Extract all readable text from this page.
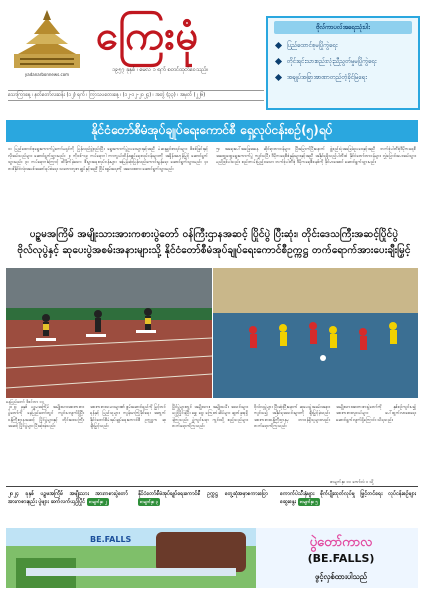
yadanarbonnews.com
ကြေးမုံ
၁၉၅၇ ခုနှစ် ၊ မေလ ၁ ရက် စတင်ထုတ်ဝေသည်။
သောကြာနေ့ ၊ နတ်တော်လဆန်း (၁၂) ရက် ၊ ကြာသပတေးနေ့ ၊ (၁၂-၁၂-၂၀၂၄) ၊ အတွဲ (၃၃) ၊ အမှတ် (၂၂၆)
ဗိုလ်ကာပလ်အရေးသုံးပါး
ပြည်ထောင်စုမပြိုကွဲရေး
တိုင်းရင်းသားစည်းလုံးညီညွတ်မှုမပြိုကွဲရေး
အချုပ်အခြာအာဏာတည်တံ့ခိုင်မြဲရေး
နိုင်ငံတော်စီမံအုပ်ချုပ်ရေးကောင်စီ ရှေ့လုပ်ငန်းစဉ်(၅)ရပ်
၁။ ပြည်ထောင်စုရွေးကောက်ပွဲကော်မရှင်ကို ပြန်လည်ဖွဲ့စည်းပြီး ရွေးကောက်ပွဲဥပဒေများနှင့်အညီ မဲဆန္ဒရှင်စာရင်းများ စိစစ်ခြင်းနှင့် လိုအပ်သည်များ ဆောင်ရွက်သွားမည်။ ၂။ ကိုဗစ်-၁၉ ကပ်ရောဂါ ကာကွယ်ထိန်းချုပ်ရေးလုပ်ငန်းများကို အရှိန်အဟုန်မြှင့် ဆောင်ရွက်သွားမည်။ ၃။ ကပ်ရောဂါကြောင့် ထိခိုက်ခဲ့သော စီးပွားရေးလုပ်ငန်းများ အမြန်ဆုံးပြန်လည်ကောင်းမွန်ရေး ဆောင်ရွက်သွားမည်။ ၄။ တစ်နိုင်ငံလုံးအပစ်အခတ်ရပ်စဲရေး သဘောတူစာချုပ်နှင့်အညီ ငြိမ်းချမ်းရေးကို အလေးထား ဆောင်ရွက်သွားမည်။
၅။ အရေးပေါ်အခြေအနေ ဆိုင်ရာတာဝန်များ ပြီးမြောက်ပြီးနောက် ဖွဲ့စည်းပုံအခြေခံဥပဒေနှင့်အညီ ဘက်စုံပါတီစုံဒီမိုကရေစီ အထွေထွေရွေးကောက်ပွဲ ကျင်းပပြီး ဒီမိုကရေစီစံနှုန်းများနှင့်အညီ အနိုင်ရရှိသည့်ပါတီထံ နိုင်ငံတော်တာဝန်များ လွှဲပြောင်းပေးအပ်သွားမည်ဖြစ်ပါသည်။ စည်းကမ်းပြည့်ဝသော ဘက်စုံပါတီစုံ ဒီမိုကရေစီစနစ်ကို ခိုင်မာအောင် ဆောင်ရွက်သွားမည်။
ပဉ္စမအကြိမ် အမျိုးသားအားကစားပွဲတော် ဝန်ကြီးဌာနအဆင့် ပြိုင်ပွဲ ပြီးဆုံး၊ တိုင်းဒေသကြီးအဆင့်ပြိုင်ပွဲ ဗိုလ်လုပွဲနှင့် ဆုပေးပွဲအစမ်းအနားများသို့ နိုင်ငံတော်စီမံအုပ်ချုပ်ရေးကောင်စီဥက္ကဋ္ဌ တက်ရောက်အားပေးချီးမြှင့်
နေပြည်တော် ဒီဇင်ဘာ ၁၁
၂၀၂၄ ခုနှစ် ပဉ္စမအကြိမ် အမျိုးသားအားကစားပွဲတော်ကို နေပြည်တော်တွင် ကျင်းပလျက်ရှိပြီး ဝန်ကြီးဌာနအဆင့် ပြိုင်ပွဲများနှင့် တိုင်းဒေသကြီးအဆင့် ပြိုင်ပွဲများ ပြီးဆုံးခဲ့သည်။
အားကစားသမားများ၏ စွမ်းဆောင်ရည်ကို မြှင့်တင်ရန်နှင့် ပြည်သူများ ကျန်းမာကြံ့ခိုင်ရေး အတွက် နိုင်ငံတော်စီမံအုပ်ချုပ်ရေးကောင်စီ ဥက္ကဋ္ဌက ဆုချီးမြှင့်သည်။
ပြိုင်ပွဲများတွင် အမျိုးသား၊ အမျိုးသမီး အသင်းများ ယှဉ်ပြိုင်ခဲ့ပြီး ရွှေ၊ ငွေ၊ ကြေးတံဆိပ်များ ဆွတ်ခူးရရှိခဲ့ကြသည်။ ပွဲကျင်းပရာ ကွင်းသို့ ဧည့်သည်များ တက်ရောက်ကြသည်။
ဗိုလ်လုပွဲများ ပြီးဆုံးပြီးနောက် ဆုပေးပွဲအခမ်းအနား ကျင်းပ၍ အနိုင်ရအသင်းများကို ချီးမြှင့်ခဲ့သည်။ အားကစားဝန်ကြီးဌာနမှ တာဝန်ရှိသူများလည်း တက်ရောက်ကြသည်။
အမျိုးသားအားကစားပွဲတော်ကို နှစ်စဉ်ကျင်းပ၍ အားကစားလူငယ်များ ပေါ်ထွက်လာစေရေး ဆောင်ရွက်လျက်ရှိကြောင်း သိရသည်။
စာမျက်နှာ ၁၁ ကော်လံ ၁ သို့
၂၀၂၄ ခုနှစ် ပဉ္စမအကြိမ် အမျိုးသား အားကစားပွဲတော် အားကစားနည်း ပွဲများ ဆက်လက်ယှဉ်ပြိုင် စာမျက်နှာ ၂
နိုင်ငံတော်စီမံအုပ်ချုပ်ရေးကောင်စီ ဥက္ကဋ္ဌ တွေ့ဆုံအမှာစကားပြော စာမျက်နှာ ၃
ကောက်ပဲသီးနှံများ စိုက်ပျိုးထုတ်လုပ်မှု မြှင့်တင်ရေး လုပ်ငန်းစဉ်များ ဆွေးနွေး စာမျက်နှာ ၅
BE.FALLS	ပွဲတော်ကာလ
(BE.FALLS)
ဖွင့်လှစ်ထားပါသည်
